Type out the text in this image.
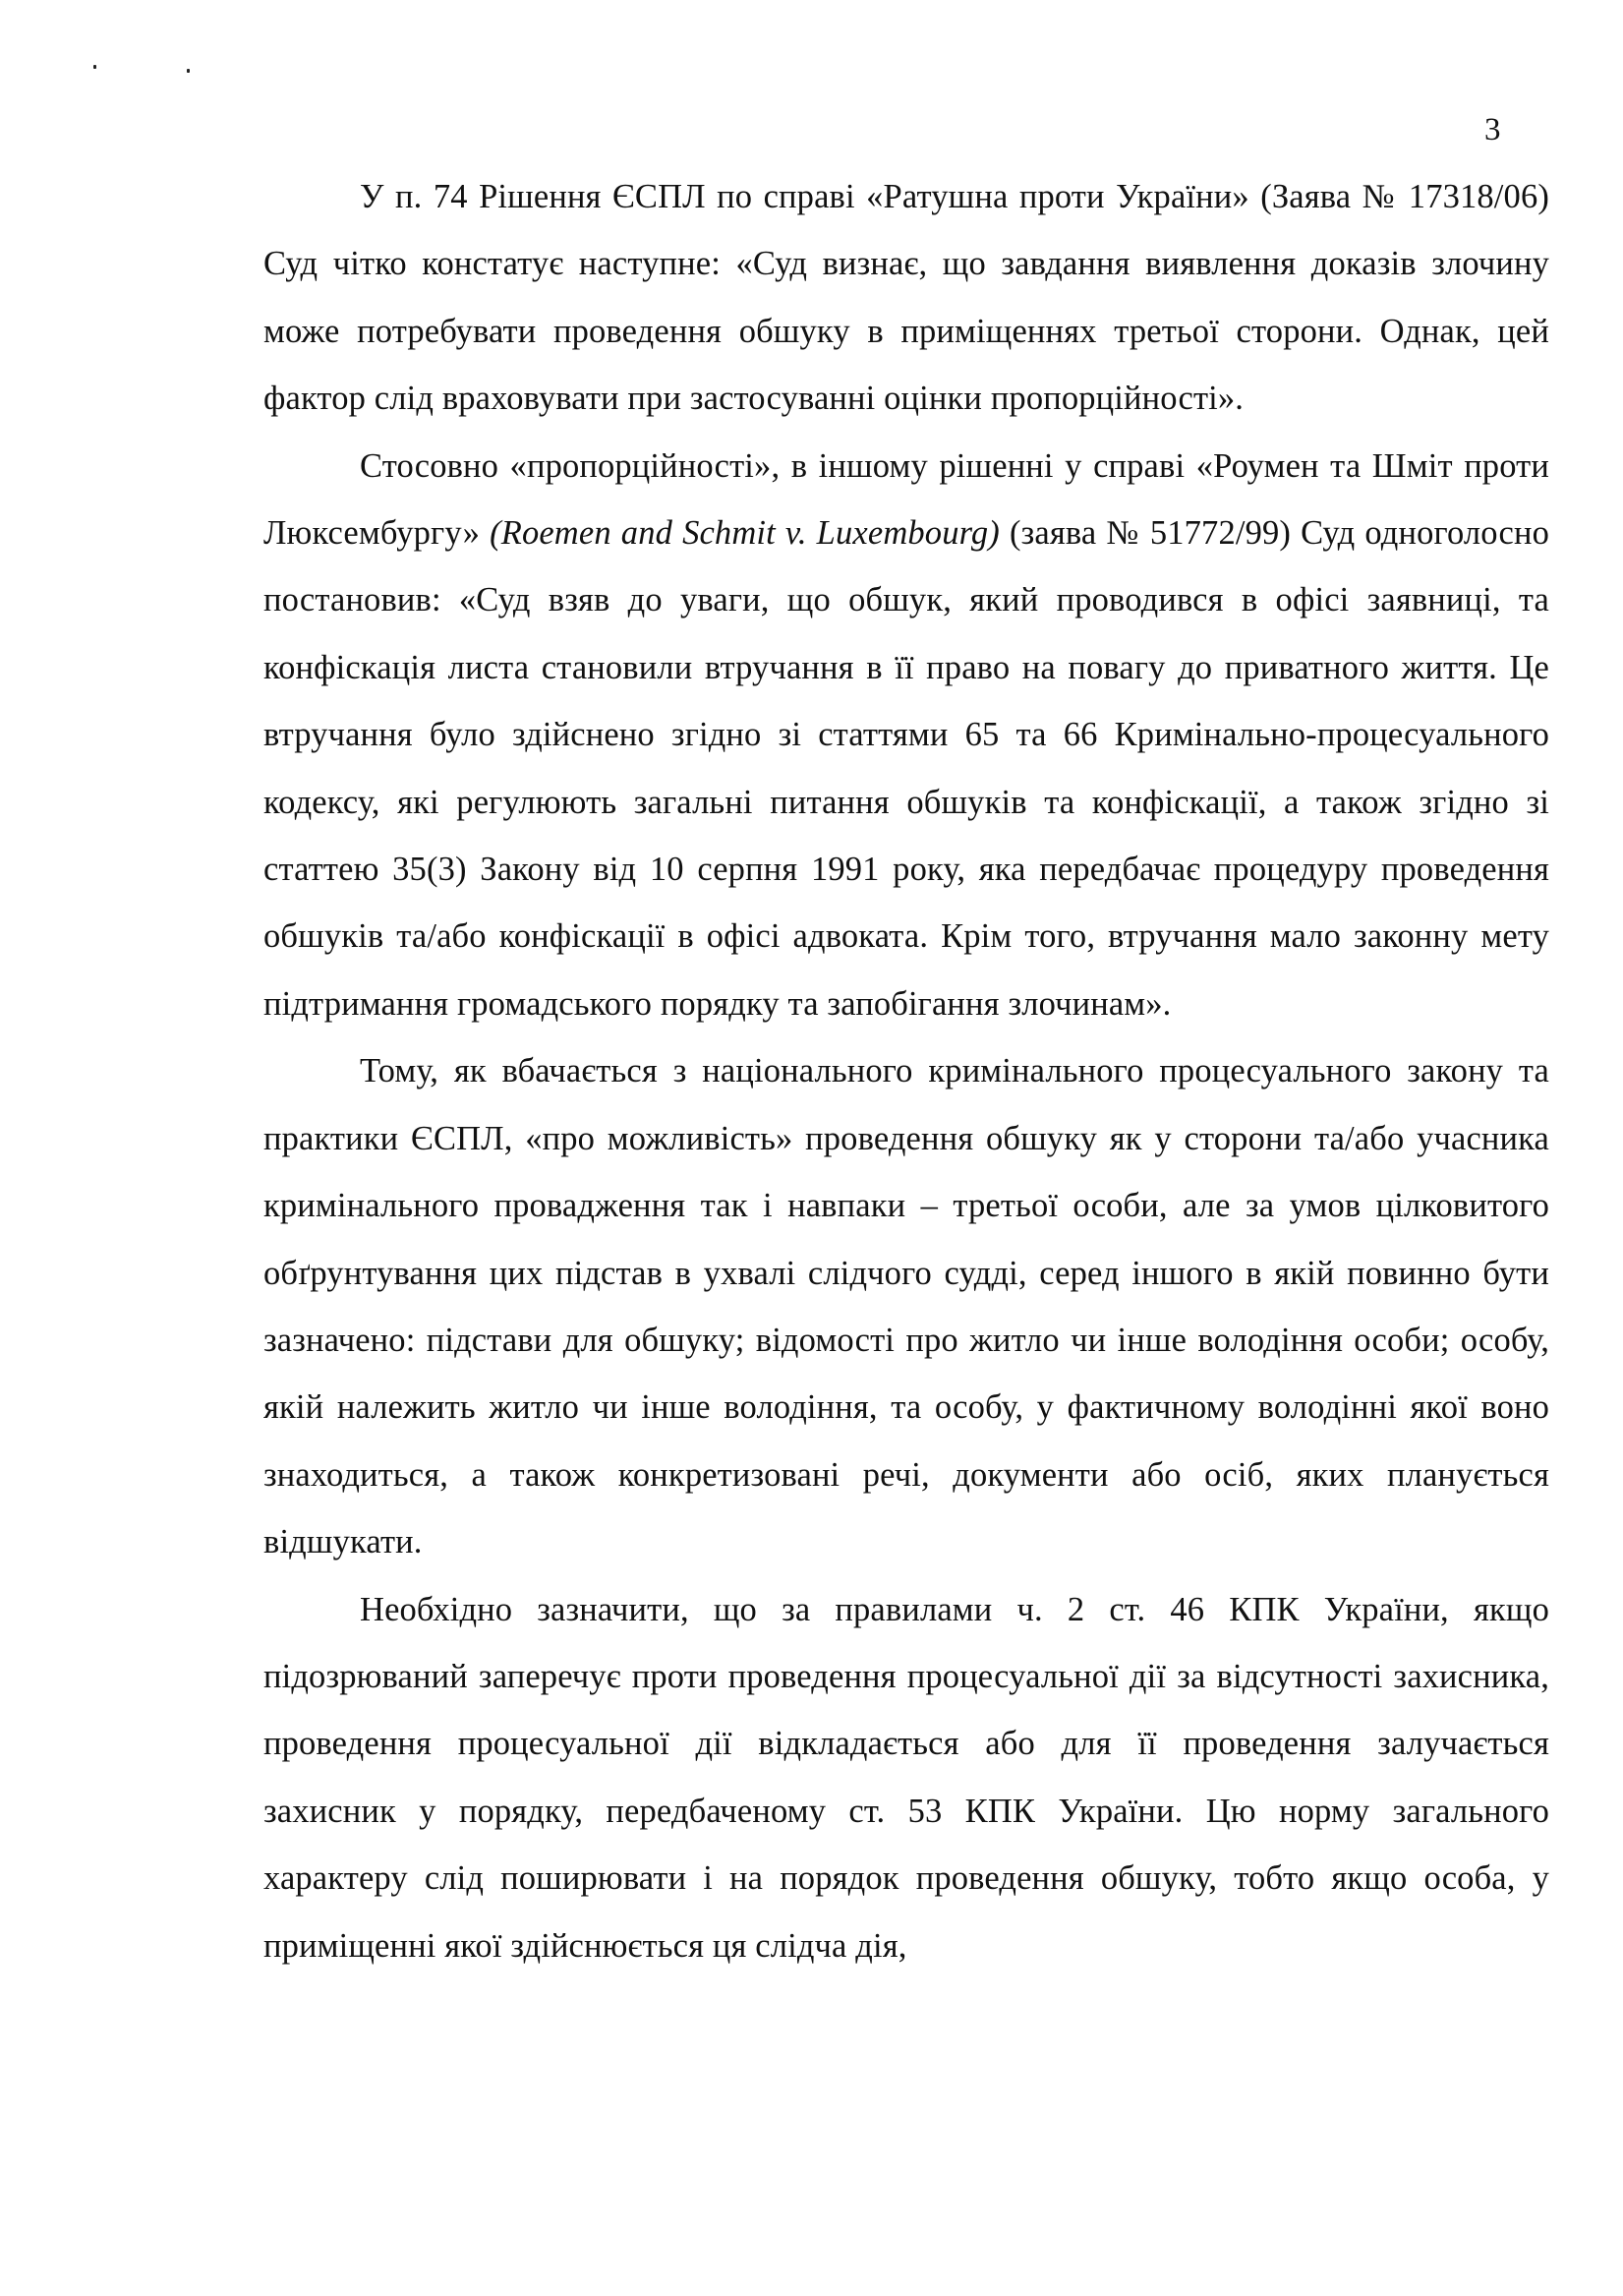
3

У п. 74 Рішення ЄСПЛ по справі «Ратушна проти України» (Заява № 17318/06) Суд чітко констатує наступне: «Суд визнає, що завдання виявлення доказів злочину може потребувати проведення обшуку в приміщеннях третьої сторони. Однак, цей фактор слід враховувати при застосуванні оцінки пропорційності».

Стосовно «пропорційності», в іншому рішенні у справі «Роумен та Шміт проти Люксембургу» (Roemen and Schmit v. Luxembourg) (заява № 51772/99) Суд одноголосно постановив: «Суд взяв до уваги, що обшук, який проводився в офісі заявниці, та конфіскація листа становили втручання в її право на повагу до приватного життя. Це втручання було здійснено згідно зі статтями 65 та 66 Кримінально-процесуального кодексу, які регулюють загальні питання обшуків та конфіскації, а також згідно зі статтею 35(3) Закону від 10 серпня 1991 року, яка передбачає процедуру проведення обшуків та/або конфіскації в офісі адвоката. Крім того, втручання мало законну мету підтримання громадського порядку та запобігання злочинам».

Тому, як вбачається з національного кримінального процесуального закону та практики ЄСПЛ, «про можливість» проведення обшуку як у сторони та/або учасника кримінального провадження так і навпаки – третьої особи, але за умов цілковитого обґрунтування цих підстав в ухвалі слідчого судді, серед іншого в якій повинно бути зазначено: підстави для обшуку; відомості про житло чи інше володіння особи; особу, якій належить житло чи інше володіння, та особу, у фактичному володінні якої воно знаходиться, а також конкретизовані речі, документи або осіб, яких планується відшукати.

Необхідно зазначити, що за правилами ч. 2 ст. 46 КПК України, якщо підозрюваний заперечує проти проведення процесуальної дії за відсутності захисника, проведення процесуальної дії відкладається або для її проведення залучається захисник у порядку, передбаченому ст. 53 КПК України. Цю норму загального характеру слід поширювати і на порядок проведення обшуку, тобто якщо особа, у приміщенні якої здійснюється ця слідча дія,
